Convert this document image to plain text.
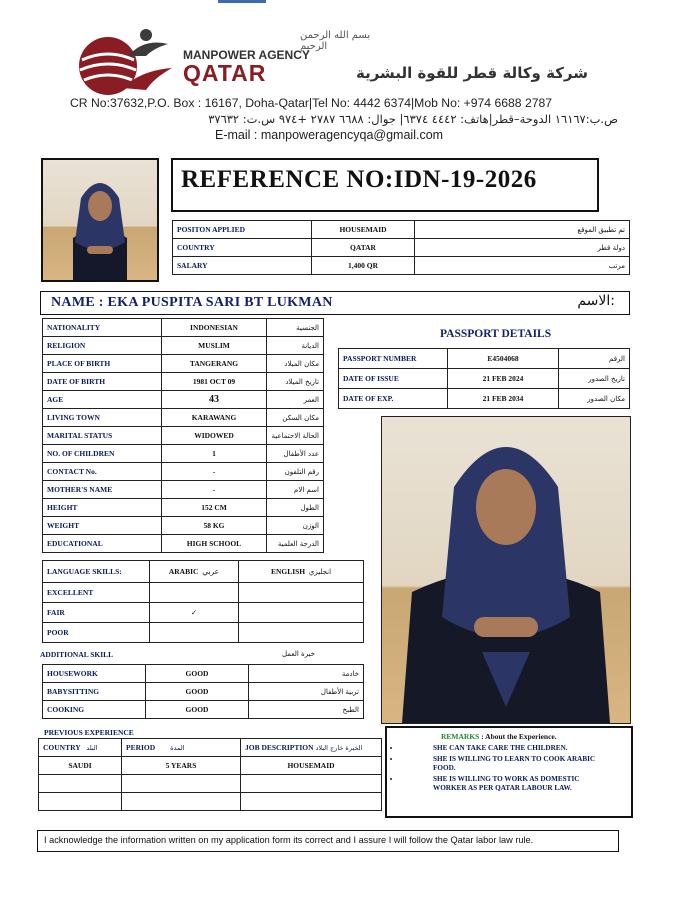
بسم الله الرحمن الرحيم
MANPOWER AGENCY
QATAR	شركة وكالة قطر للقوة البشرية
CR No:37632,P.O. Box : 16167, Doha-Qatar|Tel No: 4442 6374|Mob No: +974 6688 2787
ص.ب:١٦١٦٧ الدوحة–قطر|هاتف: ٤٤٤٢ ٦٣٧٤| جوال: ٦٦٨٨ ٢٧٨٧ +٩٧٤ س.ت: ٣٧٦٣٢
E-mail : manpoweragencyqa@gmail.com
REFERENCE NO:IDN-19-2026
POSITON APPLIED	HOUSEMAID	تم تطبيق الموقع
COUNTRY	QATAR	دولة قطر
SALARY	1,400 QR	مرتب
NAME : EKA PUSPITA SARI BT LUKMAN	الاسم:
NATIONALITY	INDONESIAN	الجنسية
RELIGION	MUSLIM	الديانة
PLACE OF BIRTH	TANGERANG	مكان الميلاد
DATE OF BIRTH	1981 OCT 09	تاريخ الميلاد
AGE	43	العمر
LIVING TOWN	KARAWANG	مكان السكن
MARITAL STATUS	WIDOWED	الحالة الاجتماعية
NO. OF CHILDREN	1	عدد الأطفال
CONTACT No.	-	رقم التلفون
MOTHER'S NAME	-	اسم الام
HEIGHT	152 CM	الطول
WEIGHT	58 KG	الوزن
EDUCATIONAL	HIGH SCHOOL	الدرجة العلمية
PASSPORT DETAILS
PASSPORT NUMBER	E4504068	الرقم
DATE OF ISSUE	21 FEB 2024	تاريخ الصدور
DATE OF EXP.	21 FEB 2034	مكان الصدور
LANGUAGE SKILLS:	ARABIC عربي	ENGLISH انجليزي
EXCELLENT		
FAIR	✓	
POOR		
ADDITIONAL SKILL	خبرة العمل
HOUSEWORK	GOOD	خادمة
BABYSITTING	GOOD	تربية الأطفال
COOKING	GOOD	الطبخ
PREVIOUS EXPERIENCE
COUNTRY البلد	PERIOD المدة	JOB DESCRIPTION الخبرة خارج البلاد
SAUDI	5 YEARS	HOUSEMAID

REMARKS : About the Experience.
• SHE CAN TAKE CARE THE CHILDREN.
• SHE IS WILLING TO LEARN TO COOK ARABIC FOOD.
• SHE IS WILLING TO WORK AS DOMESTIC WORKER AS PER QATAR LABOUR LAW.
I acknowledge the information written on my application form its correct and I assure I will follow the Qatar labor law rule.
